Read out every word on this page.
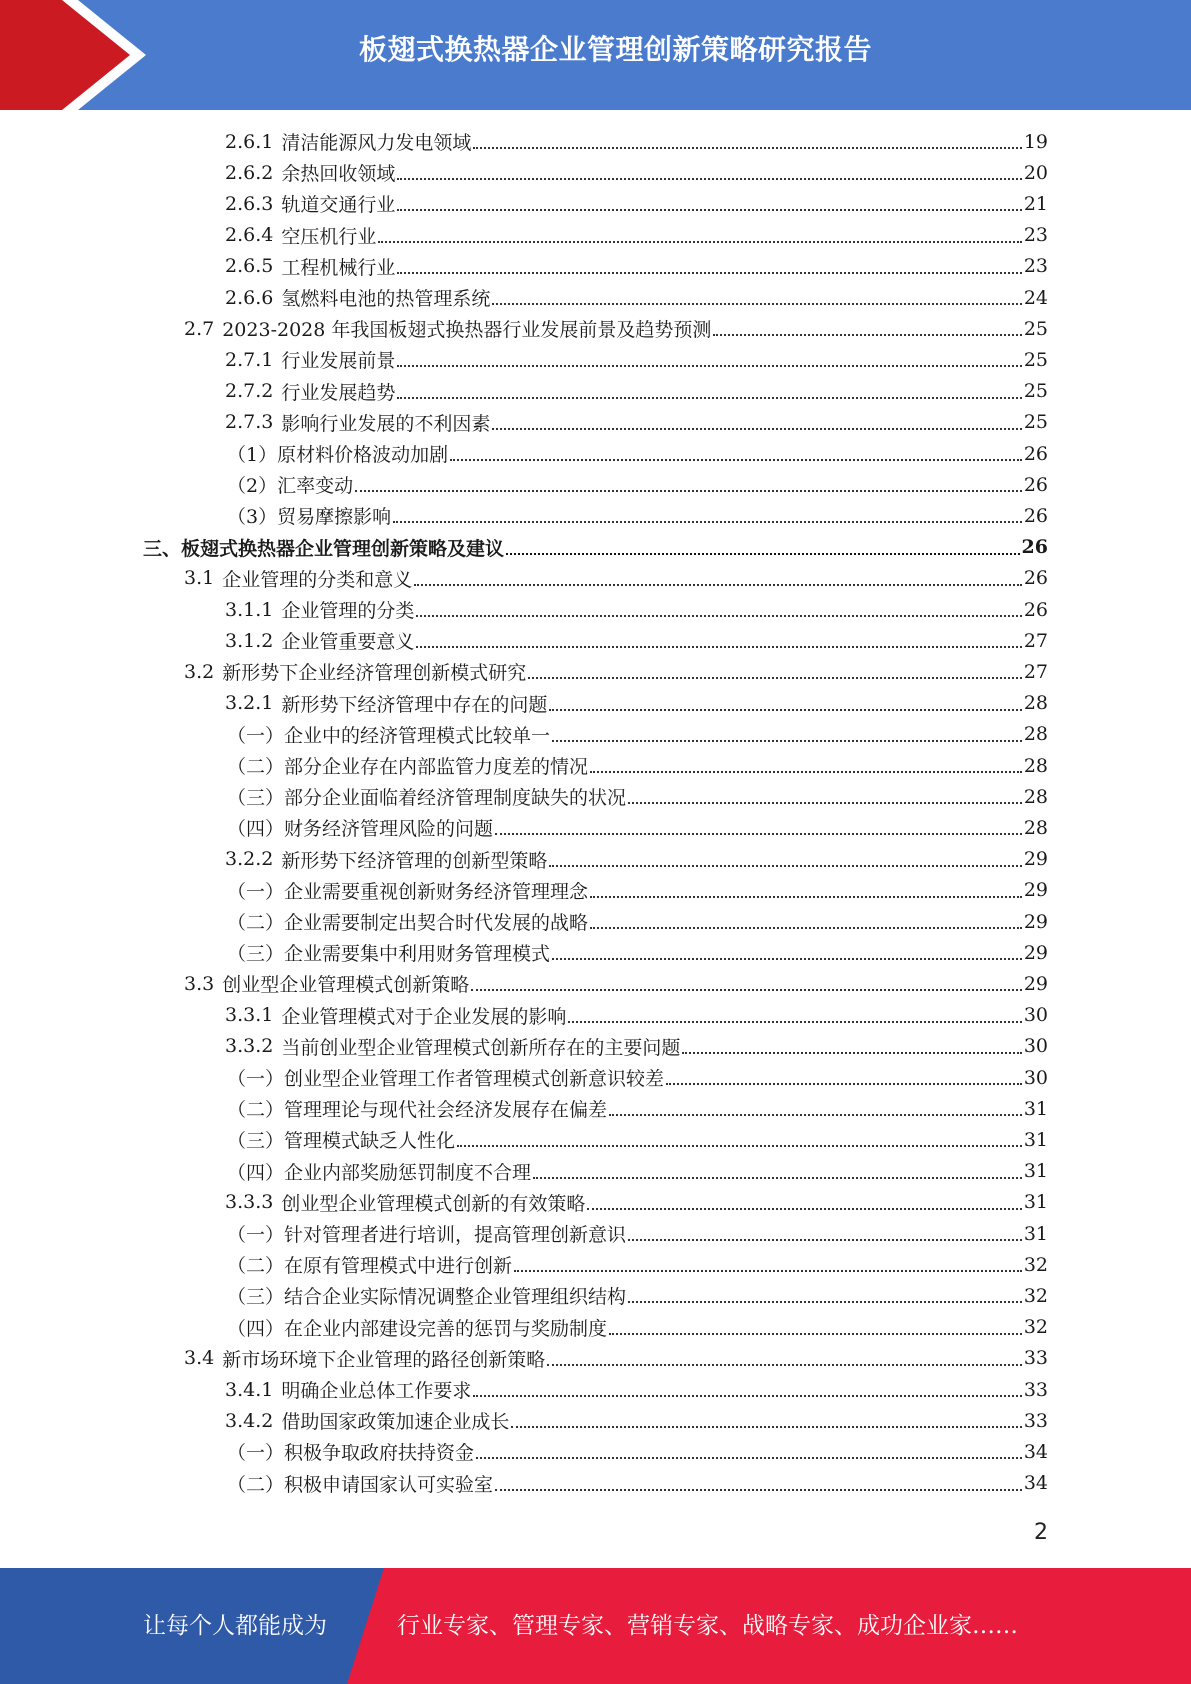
板翅式换热器企业管理创新策略研究报告
2.6.1 清洁能源风力发电领域	19
2.6.2 余热回收领域	20
2.6.3 轨道交通行业	21
2.6.4 空压机行业	23
2.6.5 工程机械行业	23
2.6.6 氢燃料电池的热管理系统	24
2.7 2023-2028 年我国板翅式换热器行业发展前景及趋势预测	25
2.7.1 行业发展前景	25
2.7.2 行业发展趋势	25
2.7.3 影响行业发展的不利因素	25
（1） 原材料价格波动加剧	26
（2） 汇率变动	26
（3） 贸易摩擦影响	26
三、 板翅式换热器企业管理创新策略及建议	26
3.1 企业管理的分类和意义	26
3.1.1 企业管理的分类	26
3.1.2 企业管重要意义	27
3.2 新形势下企业经济管理创新模式研究	27
3.2.1 新形势下经济管理中存在的问题	28
（一） 企业中的经济管理模式比较单一	28
（二） 部分企业存在内部监管力度差的情况	28
（三） 部分企业面临着经济管理制度缺失的状况	28
（四） 财务经济管理风险的问题	28
3.2.2 新形势下经济管理的创新型策略	29
（一） 企业需要重视创新财务经济管理理念	29
（二） 企业需要制定出契合时代发展的战略	29
（三） 企业需要集中利用财务管理模式	29
3.3 创业型企业管理模式创新策略	29
3.3.1 企业管理模式对于企业发展的影响	30
3.3.2 当前创业型企业管理模式创新所存在的主要问题	30
（一） 创业型企业管理工作者管理模式创新意识较差	30
（二） 管理理论与现代社会经济发展存在偏差	31
（三） 管理模式缺乏人性化	31
（四） 企业内部奖励惩罚制度不合理	31
3.3.3 创业型企业管理模式创新的有效策略	31
（一） 针对管理者进行培训，提高管理创新意识	31
（二） 在原有管理模式中进行创新	32
（三） 结合企业实际情况调整企业管理组织结构	32
（四） 在企业内部建设完善的惩罚与奖励制度	32
3.4 新市场环境下企业管理的路径创新策略	33
3.4.1 明确企业总体工作要求	33
3.4.2 借助国家政策加速企业成长	33
（一） 积极争取政府扶持资金	34
（二） 积极申请国家认可实验室	34
2
让每个人都能成为	行业专家、管理专家、营销专家、战略专家、成功企业家……
